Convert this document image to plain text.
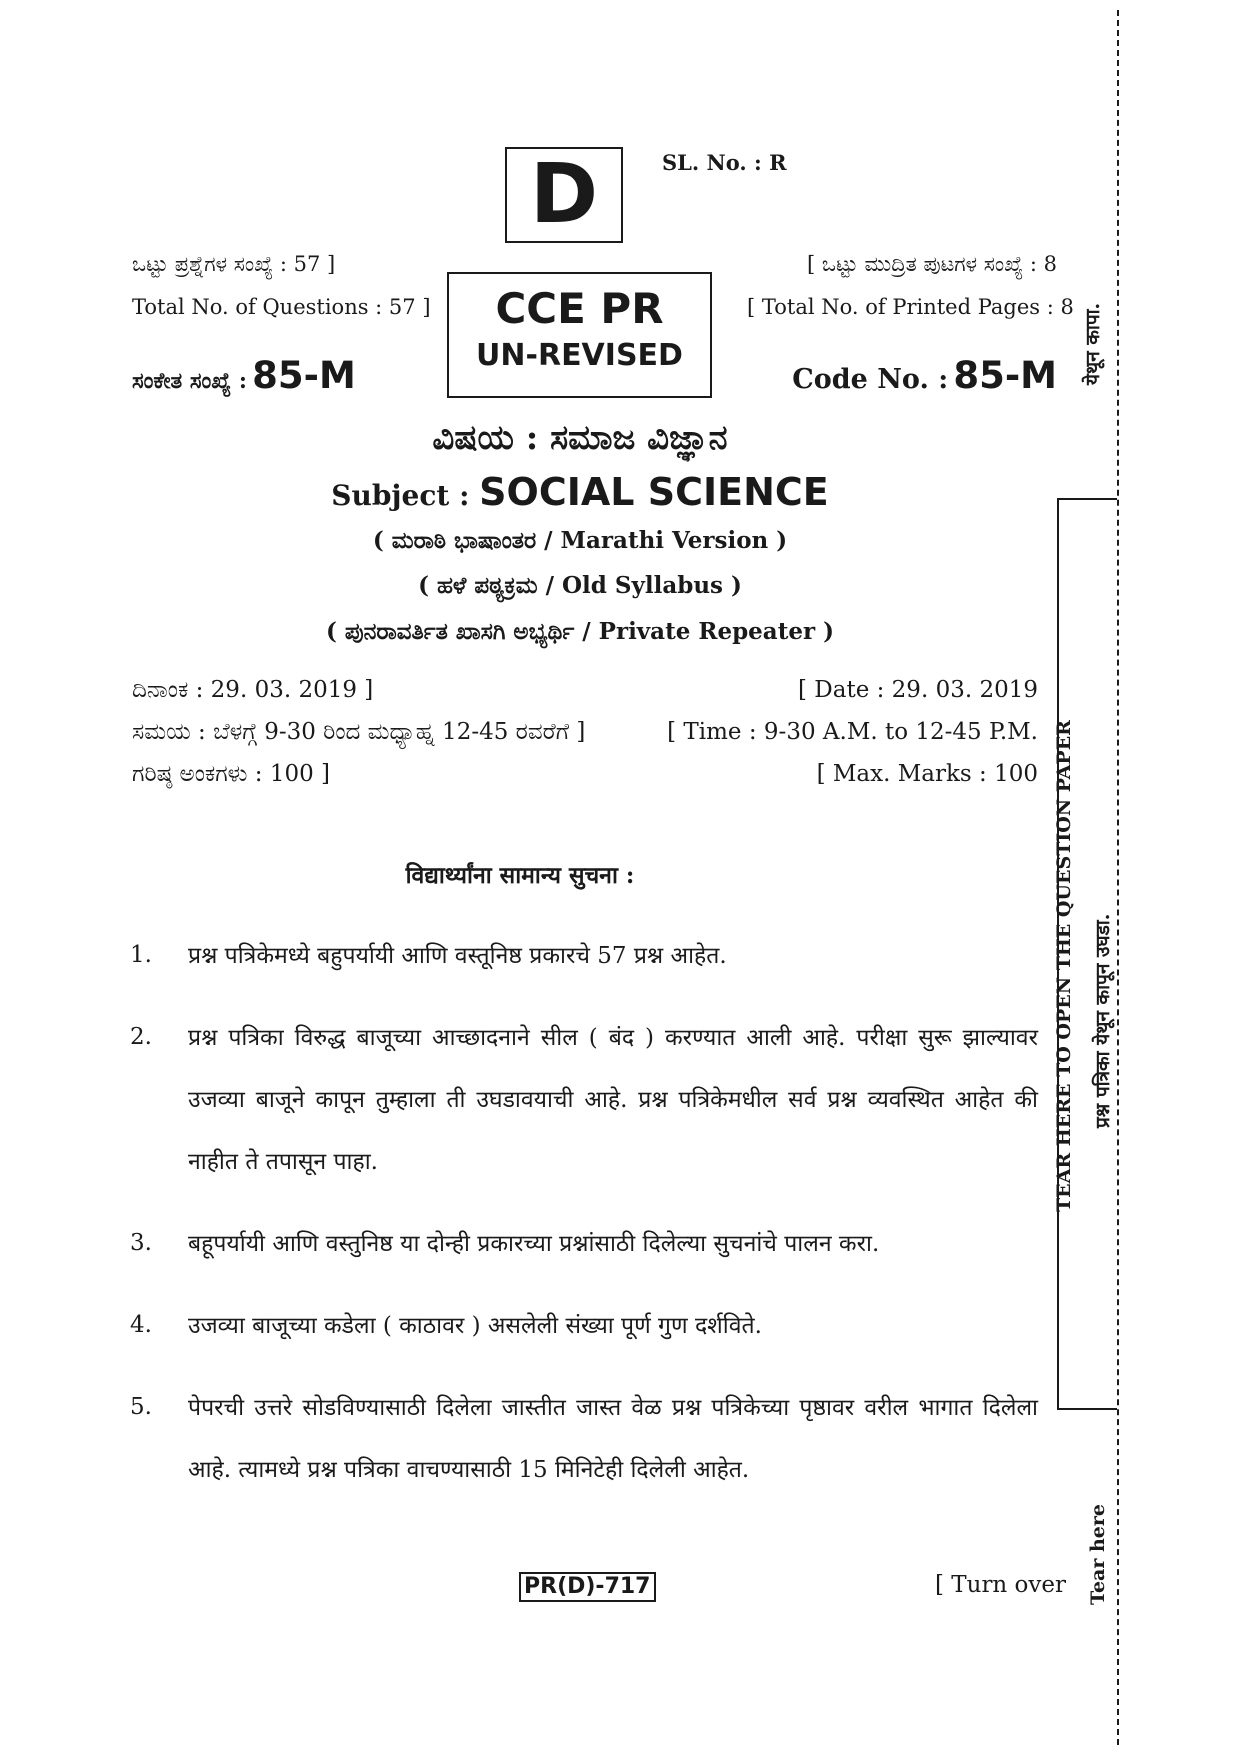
D	SL. No. : R
ಒಟ್ಟು ಪ್ರಶ್ನೆಗಳ ಸಂಖ್ಯೆ : 57 ]
Total No. of Questions : 57 ]
[ ಒಟ್ಟು ಮುದ್ರಿತ ಪುಟಗಳ ಸಂಖ್ಯೆ : 8
[ Total No. of Printed Pages : 8
CCE PR
UN-REVISED
ಸಂಕೇತ ಸಂಖ್ಯೆ : 85-M	Code No. : 85-M
ವಿಷಯ : ಸಮಾಜ ವಿಜ್ಞಾನ
Subject : SOCIAL SCIENCE
( ಮರಾಠಿ ಭಾಷಾಂತರ / Marathi Version )
( ಹಳೆ ಪಠ್ಯಕ್ರಮ / Old Syllabus )
( ಪುನರಾವರ್ತಿತ ಖಾಸಗಿ ಅಭ್ಯರ್ಥಿ / Private Repeater )
ದಿನಾಂಕ : 29. 03. 2019 ]	[ Date : 29. 03. 2019
ಸಮಯ : ಬೆಳಗ್ಗೆ 9-30 ರಿಂದ ಮಧ್ಯಾಹ್ನ 12-45 ರವರೆಗೆ ]	[ Time : 9-30 A.M. to 12-45 P.M.
ಗರಿಷ್ಠ ಅಂಕಗಳು : 100 ]	[ Max. Marks : 100
विद्यार्थ्यांना सामान्य सुचना :
1. प्रश्न पत्रिकेमध्ये बहुपर्यायी आणि वस्तूनिष्ठ प्रकारचे 57 प्रश्न आहेत.
2. प्रश्न पत्रिका विरुद्ध बाजूच्या आच्छादनाने सील ( बंद ) करण्यात आली आहे. परीक्षा सुरू झाल्यावर उजव्या बाजूने कापून तुम्हाला ती उघडावयाची आहे. प्रश्न पत्रिकेमधील सर्व प्रश्न व्यवस्थित आहेत की नाहीत ते तपासून पाहा.
3. बहूपर्यायी आणि वस्तुनिष्ठ या दोन्ही प्रकारच्या प्रश्नांसाठी दिलेल्या सुचनांचे पालन करा.
4. उजव्या बाजूच्या कडेला ( काठावर ) असलेली संख्या पूर्ण गुण दर्शविते.
5. पेपरची उत्तरे सोडविण्यासाठी दिलेला जास्तीत जास्त वेळ प्रश्न पत्रिकेच्या पृष्ठावर वरील भागात दिलेला आहे. त्यामध्ये प्रश्न पत्रिका वाचण्यासाठी 15 मिनिटेही दिलेली आहेत.
येथून कापा.
TEAR HERE TO OPEN THE QUESTION PAPER प्रश्न पत्रिका येथून कापून उघडा.
Tear here
PR(D)-717	[ Turn over
